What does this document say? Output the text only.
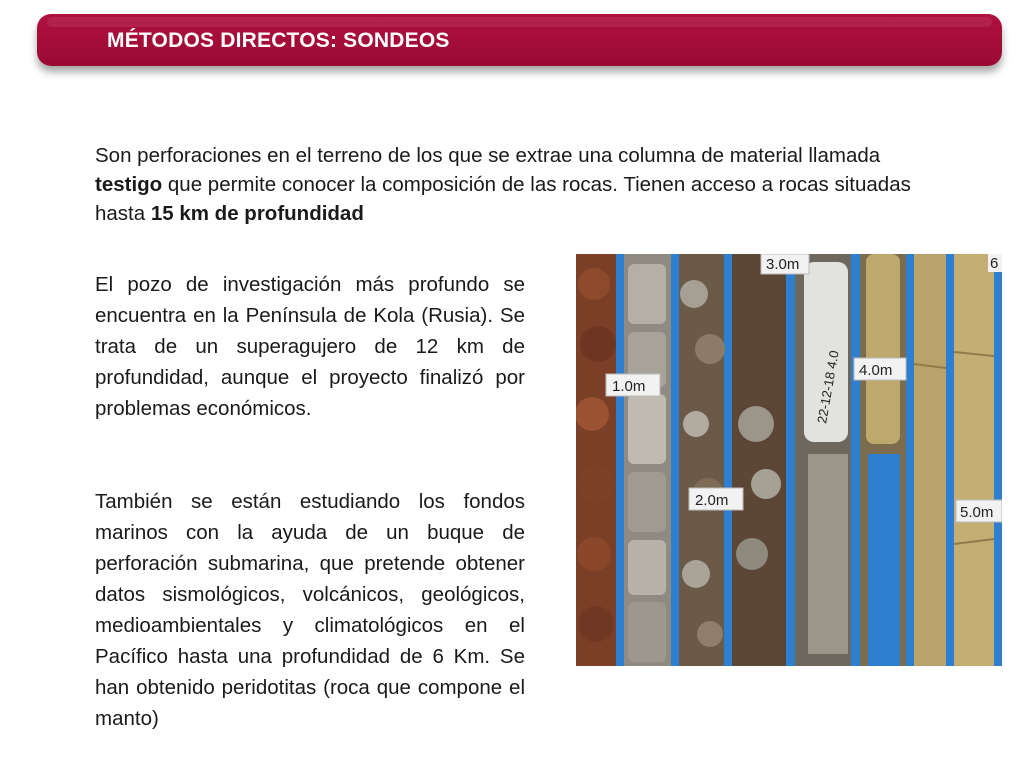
MÉTODOS DIRECTOS: SONDEOS

Son perforaciones en el terreno de los que se extrae una columna de material llamada testigo que permite conocer la composición de las rocas. Tienen acceso a rocas situadas hasta 15 km de profundidad

El pozo de investigación más profundo se encuentra en la Península de Kola (Rusia). Se trata de un superagujero de 12 km de profundidad, aunque el proyecto finalizó por problemas económicos.

También se están estudiando los fondos marinos con la ayuda de un buque de perforación submarina, que pretende obtener datos sismológicos, volcánicos, geológicos, medioambientales y climatológicos en el Pacífico hasta una profundidad de 6 Km. Se han obtenido peridotitas (roca que compone el manto)

1.0m
2.0m
3.0m
4.0m
5.0m
6
22-12-18 4.0
